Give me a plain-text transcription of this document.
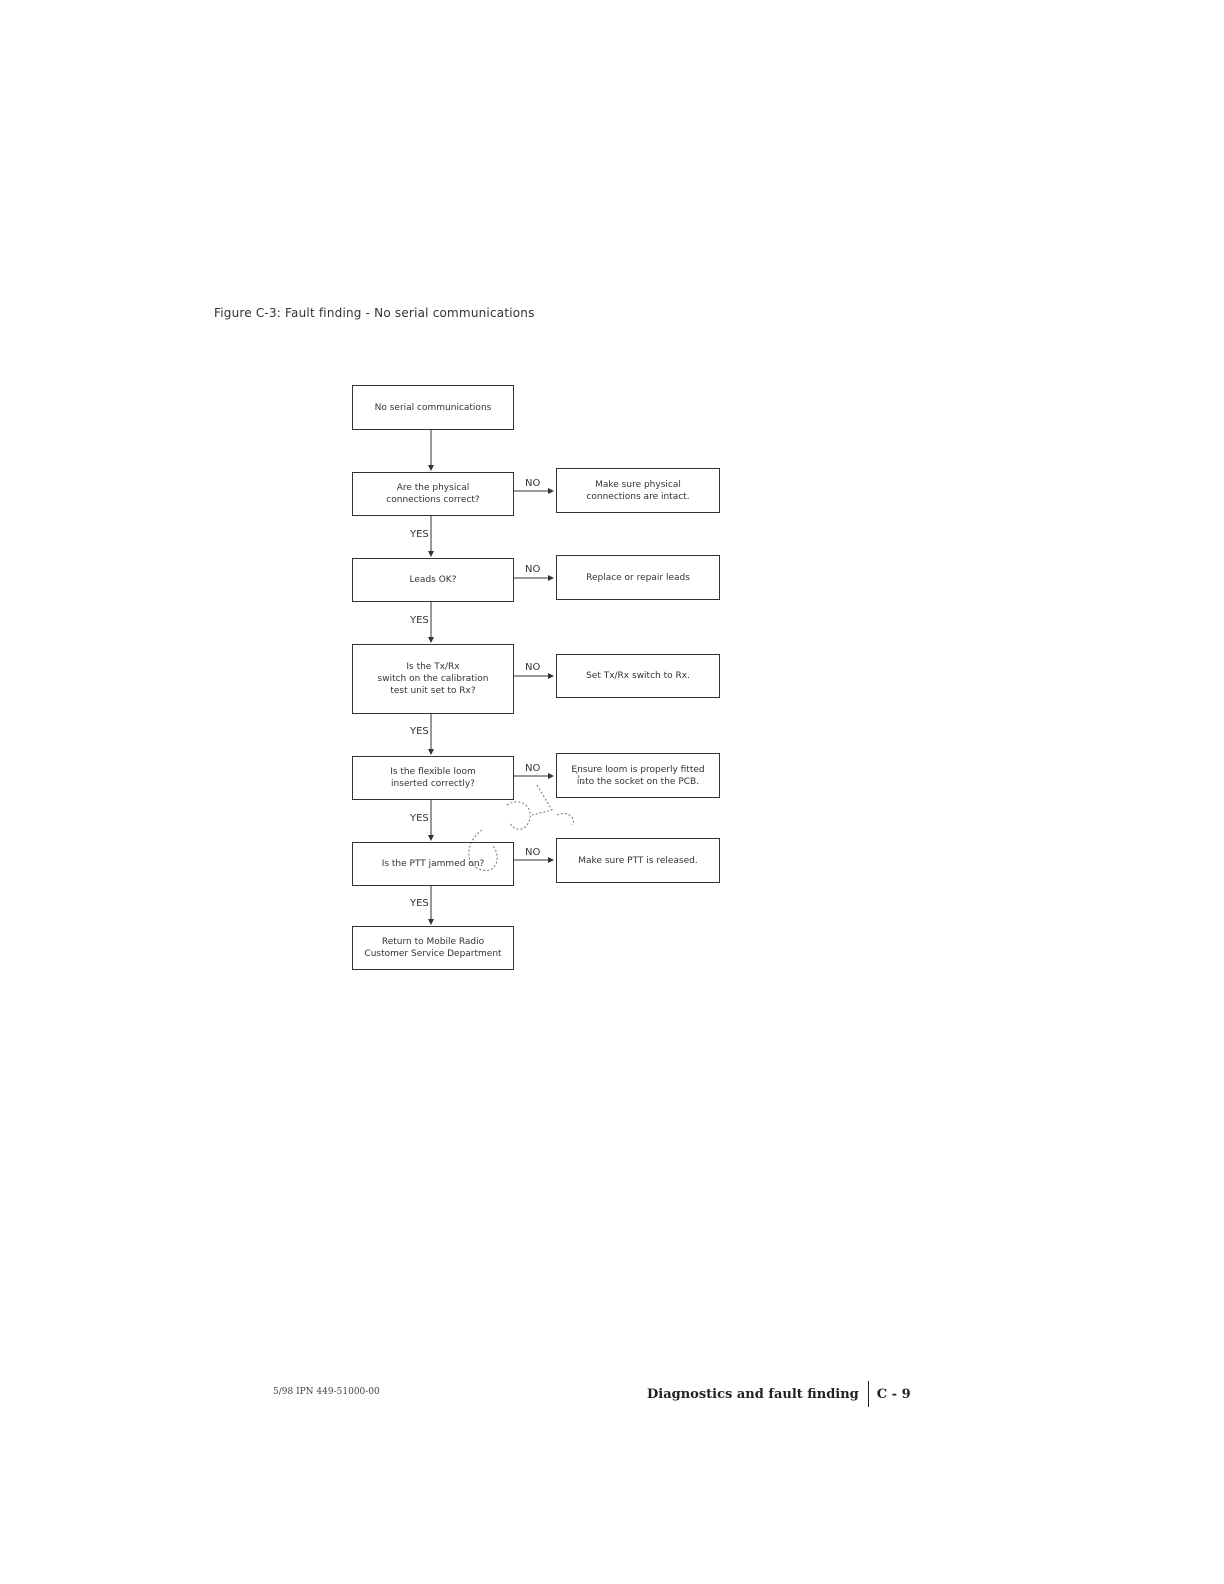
Figure C-3: Fault finding - No serial communications
No serial communications
Are the physical
connections correct?
Make sure physical
connections are intact.
Leads OK?	Replace or repair leads
Is the Tx/Rx
switch on the calibration
test unit set to Rx?
Set Tx/Rx switch to Rx.
Is the flexible loom
inserted correctly?
Ensure loom is properly fitted
into the socket on the PCB.
Is the PTT jammed on?	Make sure PTT is released.
Return to Mobile Radio
Customer Service Department
YES
YES
YES
YES
YES
NO
NO
NO
NO
NO
5/98 IPN 449-51000-00	Diagnostics and fault finding C - 9
